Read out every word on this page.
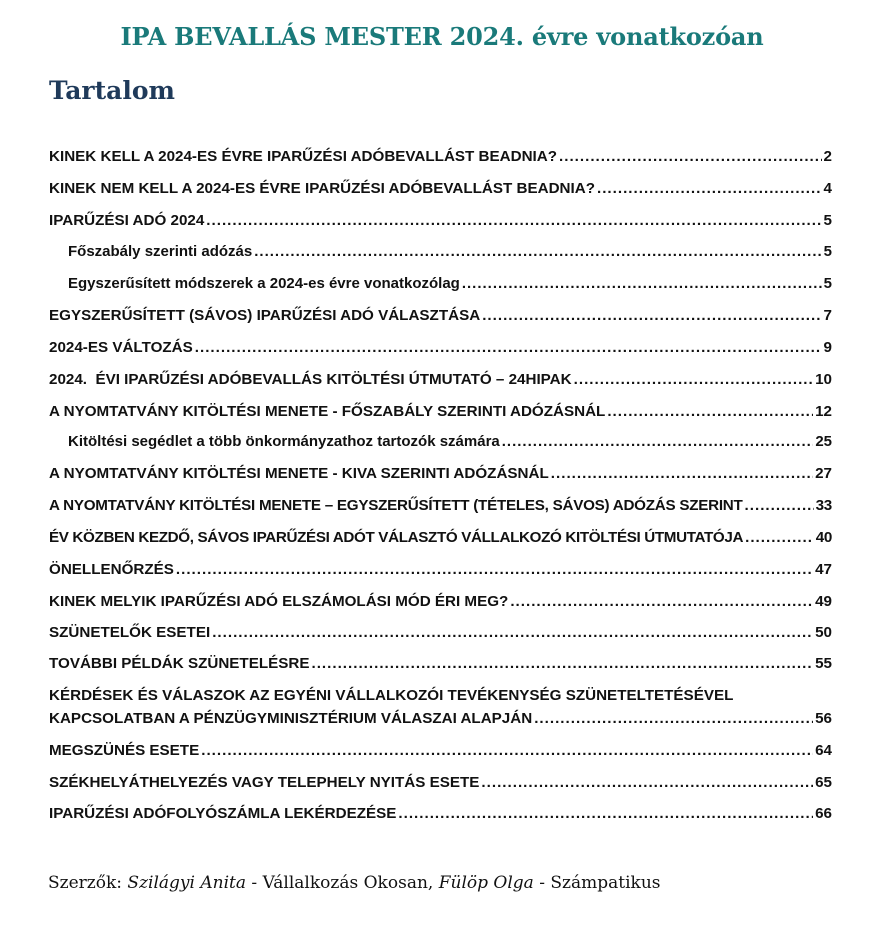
IPA BEVALLÁS MESTER 2024. évre vonatkozóan
Tartalom
KINEK KELL A 2024-ES ÉVRE IPARŰZÉSI ADÓBEVALLÁST BEADNIA? .....	2
KINEK NEM KELL A 2024-ES ÉVRE IPARŰZÉSI ADÓBEVALLÁST BEADNIA? .....	4
IPARŰZÉSI ADÓ 2024 .....	5
Főszabály szerinti adózás .....	5
Egyszerűsített módszerek a 2024-es évre vonatkozólag .....	5
EGYSZERŰSÍTETT (SÁVOS) IPARŰZÉSI ADÓ VÁLASZTÁSA .....	7
2024-ES VÁLTOZÁS .....	9
2024.  ÉVI IPARŰZÉSI ADÓBEVALLÁS KITÖLTÉSI ÚTMUTATÓ – 24HIPAK .....	10
A NYOMTATVÁNY KITÖLTÉSI MENETE - FŐSZABÁLY SZERINTI ADÓZÁSNÁL .....	12
Kitöltési segédlet a több önkormányzathoz tartozók számára .....	25
A NYOMTATVÁNY KITÖLTÉSI MENETE - KIVA SZERINTI ADÓZÁSNÁL .....	27
A NYOMTATVÁNY KITÖLTÉSI MENETE – EGYSZERŰSÍTETT (TÉTELES, SÁVOS) ADÓZÁS SZERINT .....	33
ÉV KÖZBEN KEZDŐ, SÁVOS IPARŰZÉSI ADÓT VÁLASZTÓ VÁLLALKOZÓ KITÖLTÉSI ÚTMUTATÓJA .....	40
ÖNELLENŐRZÉS .....	47
KINEK MELYIK IPARŰZÉSI ADÓ ELSZÁMOLÁSI MÓD ÉRI MEG? .....	49
SZÜNETELŐK ESETEI .....	50
TOVÁBBI PÉLDÁK SZÜNETELÉSRE .....	55
KÉRDÉSEK ÉS VÁLASZOK AZ EGYÉNI VÁLLALKOZÓI TEVÉKENYSÉG SZÜNETELTETÉSÉVEL
KAPCSOLATBAN A PÉNZÜGYMINISZTÉRIUM VÁLASZAI ALAPJÁN .....	56
MEGSZÜNÉS ESETE .....	64
SZÉKHELYÁTHELYEZÉS VAGY TELEPHELY NYITÁS ESETE .....	65
IPARŰZÉSI ADÓFOLYÓSZÁMLA LEKÉRDEZÉSE .....	66
Szerzők: Szilágyi Anita - Vállalkozás Okosan, Fülöp Olga - Számpatikus
